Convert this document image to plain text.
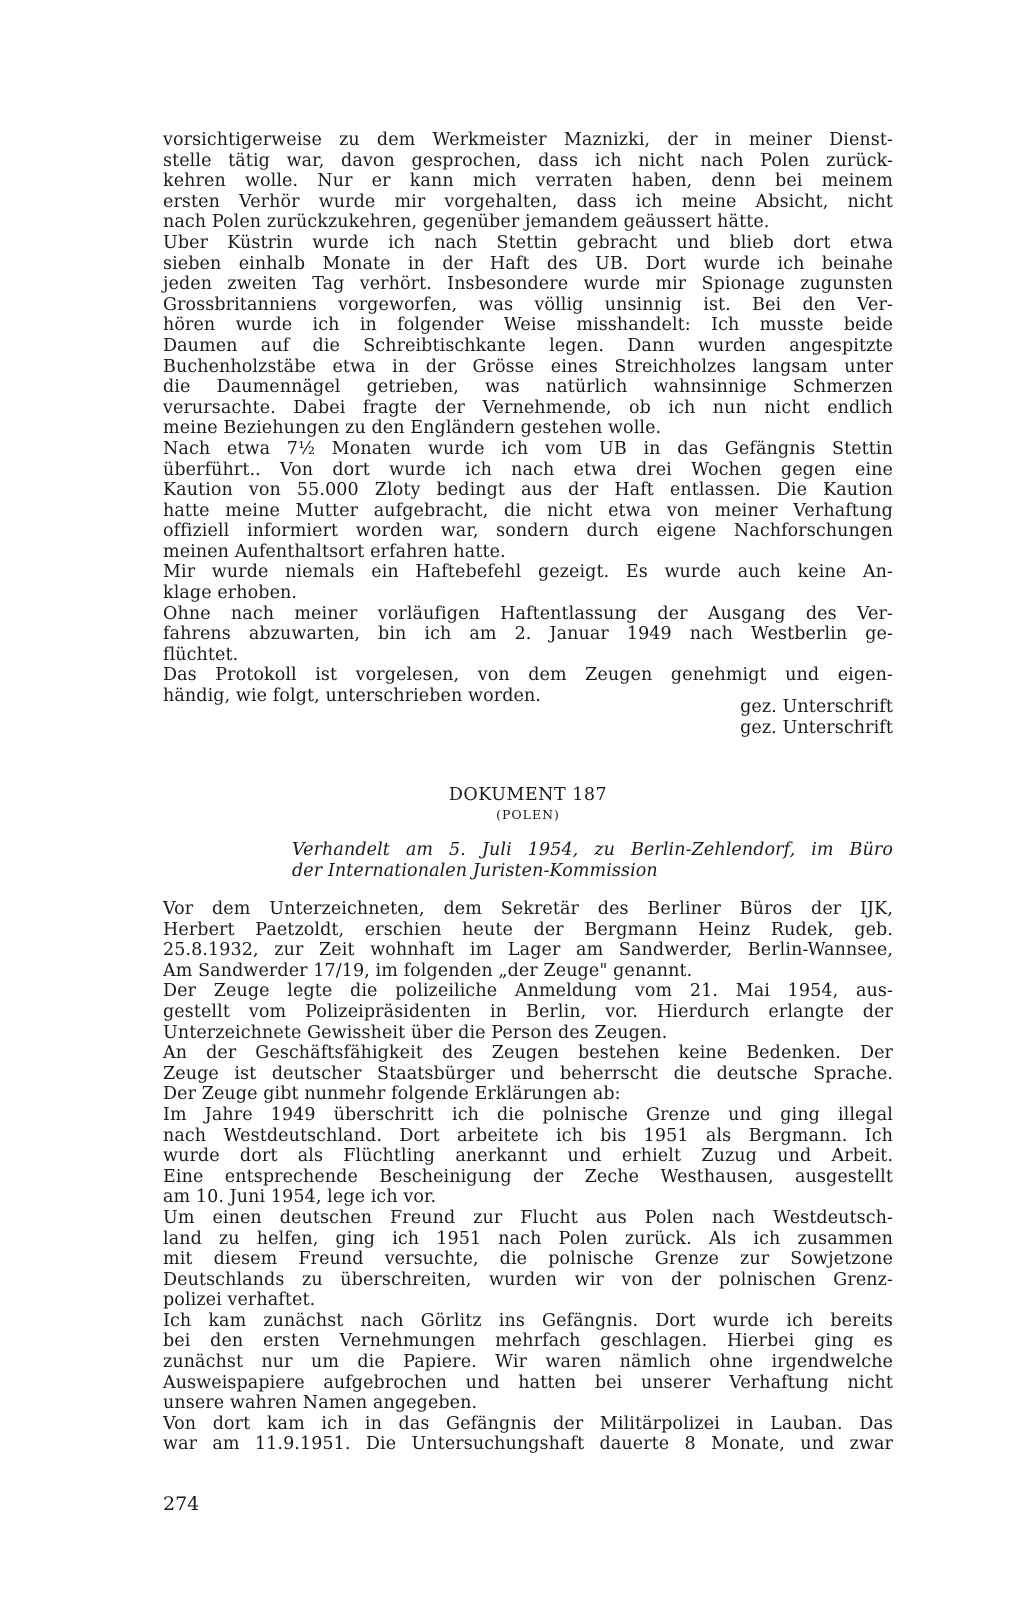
vorsichtigerweise zu dem Werkmeister Maznizki, der in meiner Dienst-
stelle tätig war, davon gesprochen, dass ich nicht nach Polen zurück-
kehren wolle. Nur er kann mich verraten haben, denn bei meinem
ersten Verhör wurde mir vorgehalten, dass ich meine Absicht, nicht
nach Polen zurückzukehren, gegenüber jemandem geäussert hätte.
Uber Küstrin wurde ich nach Stettin gebracht und blieb dort etwa
sieben einhalb Monate in der Haft des UB. Dort wurde ich beinahe
jeden zweiten Tag verhört. Insbesondere wurde mir Spionage zugunsten
Grossbritanniens vorgeworfen, was völlig unsinnig ist. Bei den Ver-
hören wurde ich in folgender Weise misshandelt: Ich musste beide
Daumen auf die Schreibtischkante legen. Dann wurden angespitzte
Buchenholzstäbe etwa in der Grösse eines Streichholzes langsam unter
die Daumennägel getrieben, was natürlich wahnsinnige Schmerzen
verursachte. Dabei fragte der Vernehmende, ob ich nun nicht endlich
meine Beziehungen zu den Engländern gestehen wolle.
Nach etwa 7½ Monaten wurde ich vom UB in das Gefängnis Stettin
überführt.. Von dort wurde ich nach etwa drei Wochen gegen eine
Kaution von 55.000 Zloty bedingt aus der Haft entlassen. Die Kaution
hatte meine Mutter aufgebracht, die nicht etwa von meiner Verhaftung
offiziell informiert worden war, sondern durch eigene Nachforschungen
meinen Aufenthaltsort erfahren hatte.
Mir wurde niemals ein Haftebefehl gezeigt. Es wurde auch keine An-
klage erhoben.
Ohne nach meiner vorläufigen Haftentlassung der Ausgang des Ver-
fahrens abzuwarten, bin ich am 2. Januar 1949 nach Westberlin ge-
flüchtet.
Das Protokoll ist vorgelesen, von dem Zeugen genehmigt und eigen-
händig, wie folgt, unterschrieben worden.
gez. Unterschrift
gez. Unterschrift
DOKUMENT 187
(POLEN)
Verhandelt am 5. Juli 1954, zu Berlin-Zehlendorf, im Büro
der Internationalen Juristen-Kommission
Vor dem Unterzeichneten, dem Sekretär des Berliner Büros der IJK,
Herbert Paetzoldt, erschien heute der Bergmann Heinz Rudek, geb.
25.8.1932, zur Zeit wohnhaft im Lager am Sandwerder, Berlin-Wannsee,
Am Sandwerder 17/19, im folgenden „der Zeuge" genannt.
Der Zeuge legte die polizeiliche Anmeldung vom 21. Mai 1954, aus-
gestellt vom Polizeipräsidenten in Berlin, vor. Hierdurch erlangte der
Unterzeichnete Gewissheit über die Person des Zeugen.
An der Geschäftsfähigkeit des Zeugen bestehen keine Bedenken. Der
Zeuge ist deutscher Staatsbürger und beherrscht die deutsche Sprache.
Der Zeuge gibt nunmehr folgende Erklärungen ab:
Im Jahre 1949 überschritt ich die polnische Grenze und ging illegal
nach Westdeutschland. Dort arbeitete ich bis 1951 als Bergmann. Ich
wurde dort als Flüchtling anerkannt und erhielt Zuzug und Arbeit.
Eine entsprechende Bescheinigung der Zeche Westhausen, ausgestellt
am 10. Juni 1954, lege ich vor.
Um einen deutschen Freund zur Flucht aus Polen nach Westdeutsch-
land zu helfen, ging ich 1951 nach Polen zurück. Als ich zusammen
mit diesem Freund versuchte, die polnische Grenze zur Sowjetzone
Deutschlands zu überschreiten, wurden wir von der polnischen Grenz-
polizei verhaftet.
Ich kam zunächst nach Görlitz ins Gefängnis. Dort wurde ich bereits
bei den ersten Vernehmungen mehrfach geschlagen. Hierbei ging es
zunächst nur um die Papiere. Wir waren nämlich ohne irgendwelche
Ausweispapiere aufgebrochen und hatten bei unserer Verhaftung nicht
unsere wahren Namen angegeben.
Von dort kam ich in das Gefängnis der Militärpolizei in Lauban. Das
war am 11.9.1951. Die Untersuchungshaft dauerte 8 Monate, und zwar
274
